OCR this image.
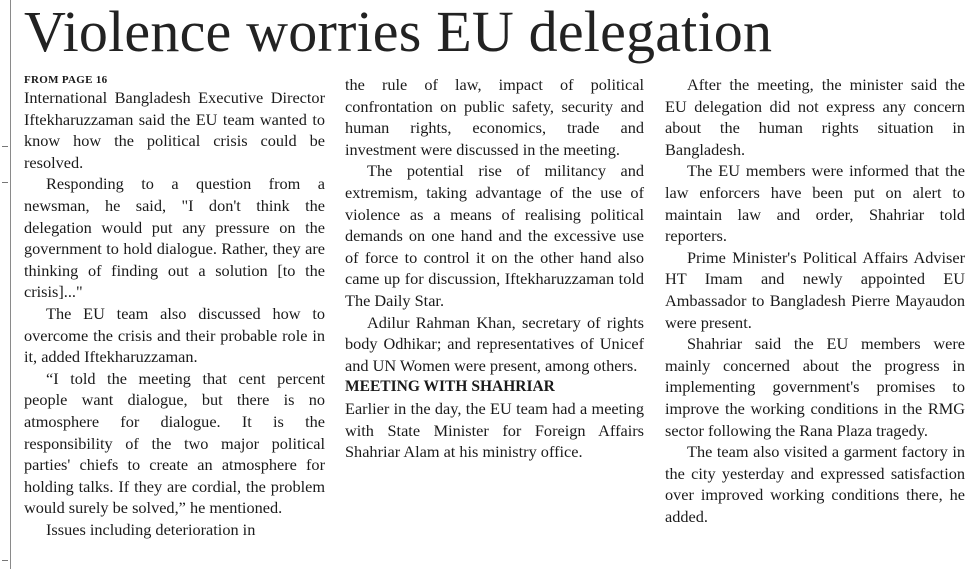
Violence worries EU delegation

FROM PAGE 16

International Bangladesh Executive Director Iftekharuzzaman said the EU team wanted to know how the political crisis could be resolved.

Responding to a question from a newsman, he said, "I don't think the delegation would put any pressure on the government to hold dialogue. Rather, they are thinking of finding out a solution [to the crisis]..."

The EU team also discussed how to overcome the crisis and their probable role in it, added Iftekharuzzaman.

“I told the meeting that cent percent people want dialogue, but there is no atmosphere for dialogue. It is the responsibility of the two major political parties' chiefs to create an atmosphere for holding talks. If they are cordial, the problem would surely be solved,” he mentioned.

Issues including deterioration in

the rule of law, impact of political confrontation on public safety, security and human rights, economics, trade and investment were discussed in the meeting.

The potential rise of militancy and extremism, taking advantage of the use of violence as a means of realising political demands on one hand and the excessive use of force to control it on the other hand also came up for discussion, Iftekharuzzaman told The Daily Star.

Adilur Rahman Khan, secretary of rights body Odhikar; and representatives of Unicef and UN Women were present, among others.

MEETING WITH SHAHRIAR

Earlier in the day, the EU team had a meeting with State Minister for Foreign Affairs Shahriar Alam at his ministry office.

After the meeting, the minister said the EU delegation did not express any concern about the human rights situation in Bangladesh.

The EU members were informed that the law enforcers have been put on alert to maintain law and order, Shahriar told reporters.

Prime Minister's Political Affairs Adviser HT Imam and newly appointed EU Ambassador to Bangladesh Pierre Mayaudon were present.

Shahriar said the EU members were mainly concerned about the progress in implementing government's promises to improve the working conditions in the RMG sector following the Rana Plaza tragedy.

The team also visited a garment factory in the city yesterday and expressed satisfaction over improved working conditions there, he added.
